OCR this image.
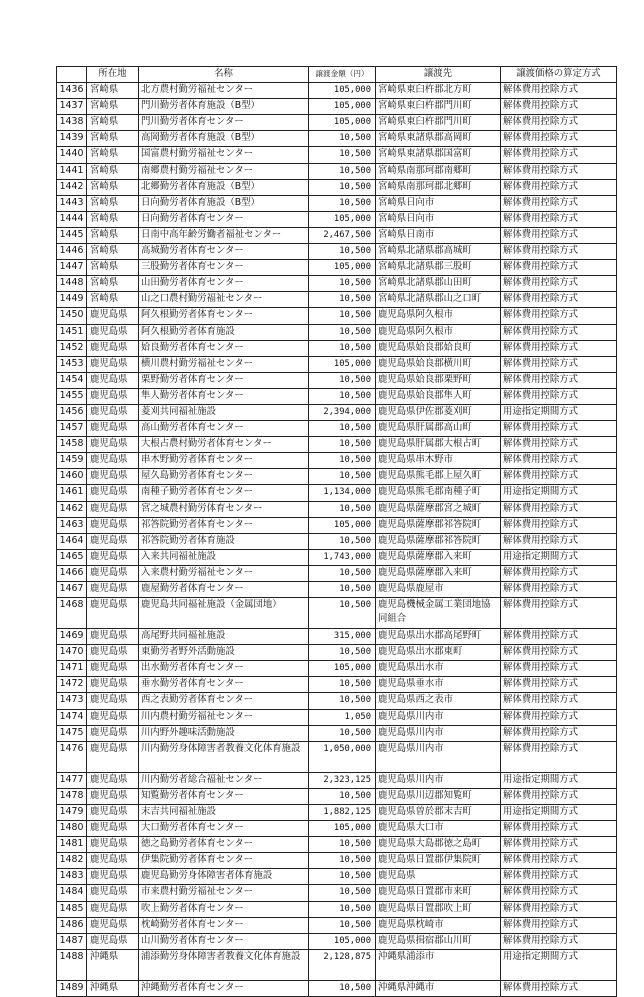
	所在地	名称	譲渡金額（円）	譲渡先	譲渡価格の算定方式
1436	宮崎県	北方農村勤労福祉センター	105,000	宮崎県東臼杵郡北方町	解体費用控除方式
1437	宮崎県	門川勤労者体育施設（B型）	105,000	宮崎県東臼杵郡門川町	解体費用控除方式
1438	宮崎県	門川勤労者体育センター	105,000	宮崎県東臼杵郡門川町	解体費用控除方式
1439	宮崎県	高岡勤労者体育施設（B型）	10,500	宮崎県東諸県郡高岡町	解体費用控除方式
1440	宮崎県	国富農村勤労福祉センター	10,500	宮崎県東諸県郡国富町	解体費用控除方式
1441	宮崎県	南郷農村勤労福祉センター	10,500	宮崎県南那珂郡南郷町	解体費用控除方式
1442	宮崎県	北郷勤労者体育施設（B型）	10,500	宮崎県南那珂郡北郷町	解体費用控除方式
1443	宮崎県	日向勤労者体育施設（B型）	10,500	宮崎県日向市	解体費用控除方式
1444	宮崎県	日向勤労者体育センター	105,000	宮崎県日向市	解体費用控除方式
1445	宮崎県	日南中高年齢労働者福祉センター	2,467,500	宮崎県日南市	解体費用控除方式
1446	宮崎県	高城勤労者体育センター	10,500	宮崎県北諸県郡高城町	解体費用控除方式
1447	宮崎県	三股勤労者体育センター	105,000	宮崎県北諸県郡三股町	解体費用控除方式
1448	宮崎県	山田勤労者体育センター	10,500	宮崎県北諸県郡山田町	解体費用控除方式
1449	宮崎県	山之口農村勤労福祉センター	10,500	宮崎県北諸県郡山之口町	解体費用控除方式
1450	鹿児島県	阿久根勤労者体育センター	10,500	鹿児島県阿久根市	解体費用控除方式
1451	鹿児島県	阿久根勤労者体育施設	10,500	鹿児島県阿久根市	解体費用控除方式
1452	鹿児島県	姶良勤労者体育センター	10,500	鹿児島県姶良郡姶良町	解体費用控除方式
1453	鹿児島県	横川農村勤労福祉センター	105,000	鹿児島県姶良郡横川町	解体費用控除方式
1454	鹿児島県	栗野勤労者体育センター	10,500	鹿児島県姶良郡栗野町	解体費用控除方式
1455	鹿児島県	隼人勤労者体育センター	10,500	鹿児島県姶良郡隼人町	解体費用控除方式
1456	鹿児島県	菱刈共同福祉施設	2,394,000	鹿児島県伊佐郡菱刈町	用途指定期間方式
1457	鹿児島県	高山勤労者体育センター	10,500	鹿児島県肝属郡高山町	解体費用控除方式
1458	鹿児島県	大根占農村勤労者体育センター	10,500	鹿児島県肝属郡大根占町	解体費用控除方式
1459	鹿児島県	串木野勤労者体育センター	10,500	鹿児島県串木野市	解体費用控除方式
1460	鹿児島県	屋久島勤労者体育センター	10,500	鹿児島県熊毛郡上屋久町	解体費用控除方式
1461	鹿児島県	南種子勤労者体育センター	1,134,000	鹿児島県熊毛郡南種子町	用途指定期間方式
1462	鹿児島県	宮之城農村勤労体育センター	10,500	鹿児島県薩摩郡宮之城町	解体費用控除方式
1463	鹿児島県	祁答院勤労者体育センター	105,000	鹿児島県薩摩郡祁答院町	解体費用控除方式
1464	鹿児島県	祁答院勤労者体育施設	10,500	鹿児島県薩摩郡祁答院町	解体費用控除方式
1465	鹿児島県	入来共同福祉施設	1,743,000	鹿児島県薩摩郡入来町	用途指定期間方式
1466	鹿児島県	入来農村勤労福祉センター	10,500	鹿児島県薩摩郡入来町	解体費用控除方式
1467	鹿児島県	鹿屋勤労者体育センター	10,500	鹿児島県鹿屋市	解体費用控除方式
1468	鹿児島県	鹿児島共同福祉施設（金属団地）	10,500	鹿児島機械金属工業団地協同組合	解体費用控除方式
1469	鹿児島県	高尾野共同福祉施設	315,000	鹿児島県出水郡高尾野町	解体費用控除方式
1470	鹿児島県	東勤労者野外活動施設	10,500	鹿児島県出水郡東町	解体費用控除方式
1471	鹿児島県	出水勤労者体育センター	105,000	鹿児島県出水市	解体費用控除方式
1472	鹿児島県	垂水勤労者体育センター	10,500	鹿児島県垂水市	解体費用控除方式
1473	鹿児島県	西之表勤労者体育センター	10,500	鹿児島県西之表市	解体費用控除方式
1474	鹿児島県	川内農村勤労福祉センター	1,050	鹿児島県川内市	解体費用控除方式
1475	鹿児島県	川内野外趣味活動施設	10,500	鹿児島県川内市	解体費用控除方式
1476	鹿児島県	川内勤労身体障害者教養文化体育施設	1,050,000	鹿児島県川内市	解体費用控除方式
1477	鹿児島県	川内勤労者総合福祉センター	2,323,125	鹿児島県川内市	用途指定期間方式
1478	鹿児島県	知覧勤労者体育センター	10,500	鹿児島県川辺郡知覧町	解体費用控除方式
1479	鹿児島県	末吉共同福祉施設	1,882,125	鹿児島県曽於郡末吉町	用途指定期間方式
1480	鹿児島県	大口勤労者体育センター	105,000	鹿児島県大口市	解体費用控除方式
1481	鹿児島県	徳之島勤労者体育センター	10,500	鹿児島県大島郡徳之島町	解体費用控除方式
1482	鹿児島県	伊集院勤労者体育センター	10,500	鹿児島県日置郡伊集院町	解体費用控除方式
1483	鹿児島県	鹿児島勤労身体障害者体育施設	10,500	鹿児島県	解体費用控除方式
1484	鹿児島県	市来農村勤労福祉センター	10,500	鹿児島県日置郡市来町	解体費用控除方式
1485	鹿児島県	吹上勤労者体育センター	10,500	鹿児島県日置郡吹上町	解体費用控除方式
1486	鹿児島県	枕崎勤労者体育センター	10,500	鹿児島県枕崎市	解体費用控除方式
1487	鹿児島県	山川勤労者体育センター	105,000	鹿児島県揖宿郡山川町	解体費用控除方式
1488	沖縄県	浦添勤労身体障害者教養文化体育施設	2,128,875	沖縄県浦添市	用途指定期間方式
1489	沖縄県	沖縄勤労者体育センター	10,500	沖縄県沖縄市	解体費用控除方式
